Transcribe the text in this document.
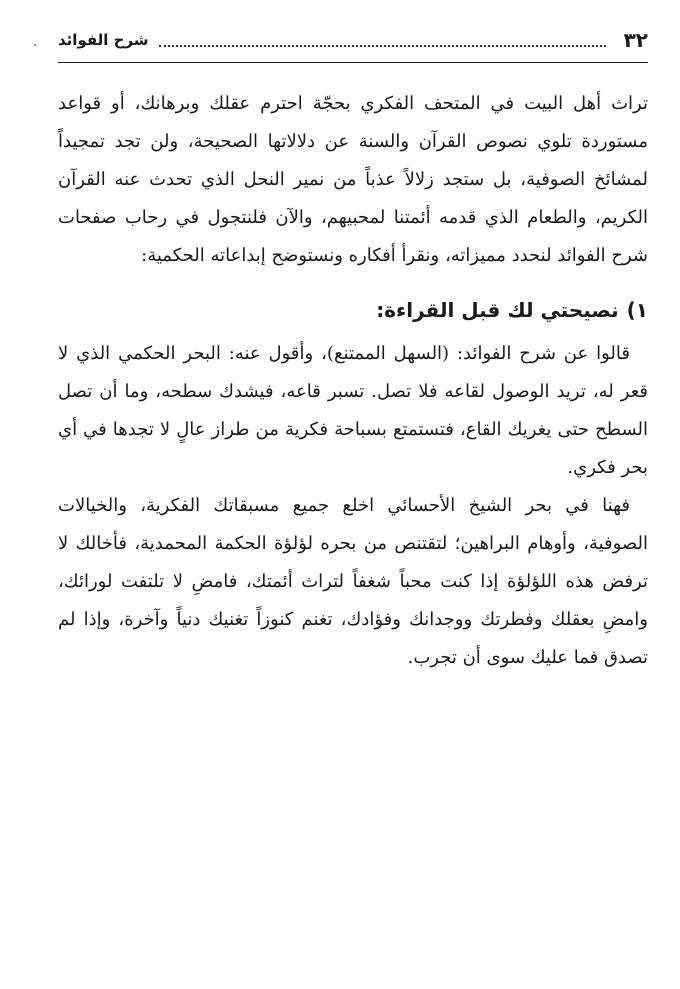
٣٢
شرح الفوائد

تراث أهل البيت في المتحف الفكري بحجّة احترم عقلك وبرهانك، أو قواعد مستوردة تلوي نصوص القرآن والسنة عن دلالاتها الصحيحة، ولن تجد تمجيداً لمشائخ الصوفية، بل ستجد زلالاً عذباً من نمير النحل الذي تحدث عنه القرآن الكريم، والطعام الذي قدمه أئمتنا لمحبيهم، والآن فلنتجول في رحاب صفحات شرح الفوائد لنحدد مميزاته، ونقرأ أفكاره ونستوضح إبداعاته الحكمية:

١)نصيحتي لك قبل القراءة:

قالوا عن شرح الفوائد: (السهل الممتنع)، وأقول عنه: البحر الحكمي الذي لا قعر له، تريد الوصول لقاعه فلا تصل. تسبر قاعه، فيشدك سطحه، وما أن تصل السطح حتى يغريك القاع، فتستمتع بسباحة فكرية من طراز عالٍ لا تجدها في أي بحر فكري.

فهنا في بحر الشيخ الأحسائي اخلع جميع مسبقاتك الفكرية، والخيالات الصوفية، وأوهام البراهين؛ لتقتنص من بحره لؤلؤة الحكمة المحمدية، فأخالك لا ترفض هذه اللؤلؤة إذا كنت محباً شغفاً لتراث أئمتك، فامضِ لا تلتفت لورائك، وامضِ بعقلك وفطرتك ووجدانك وفؤادك، تغنم كنوزاً تغنيك دنياً وآخرة، وإذا لم تصدق فما عليك سوى أن تجرب.
